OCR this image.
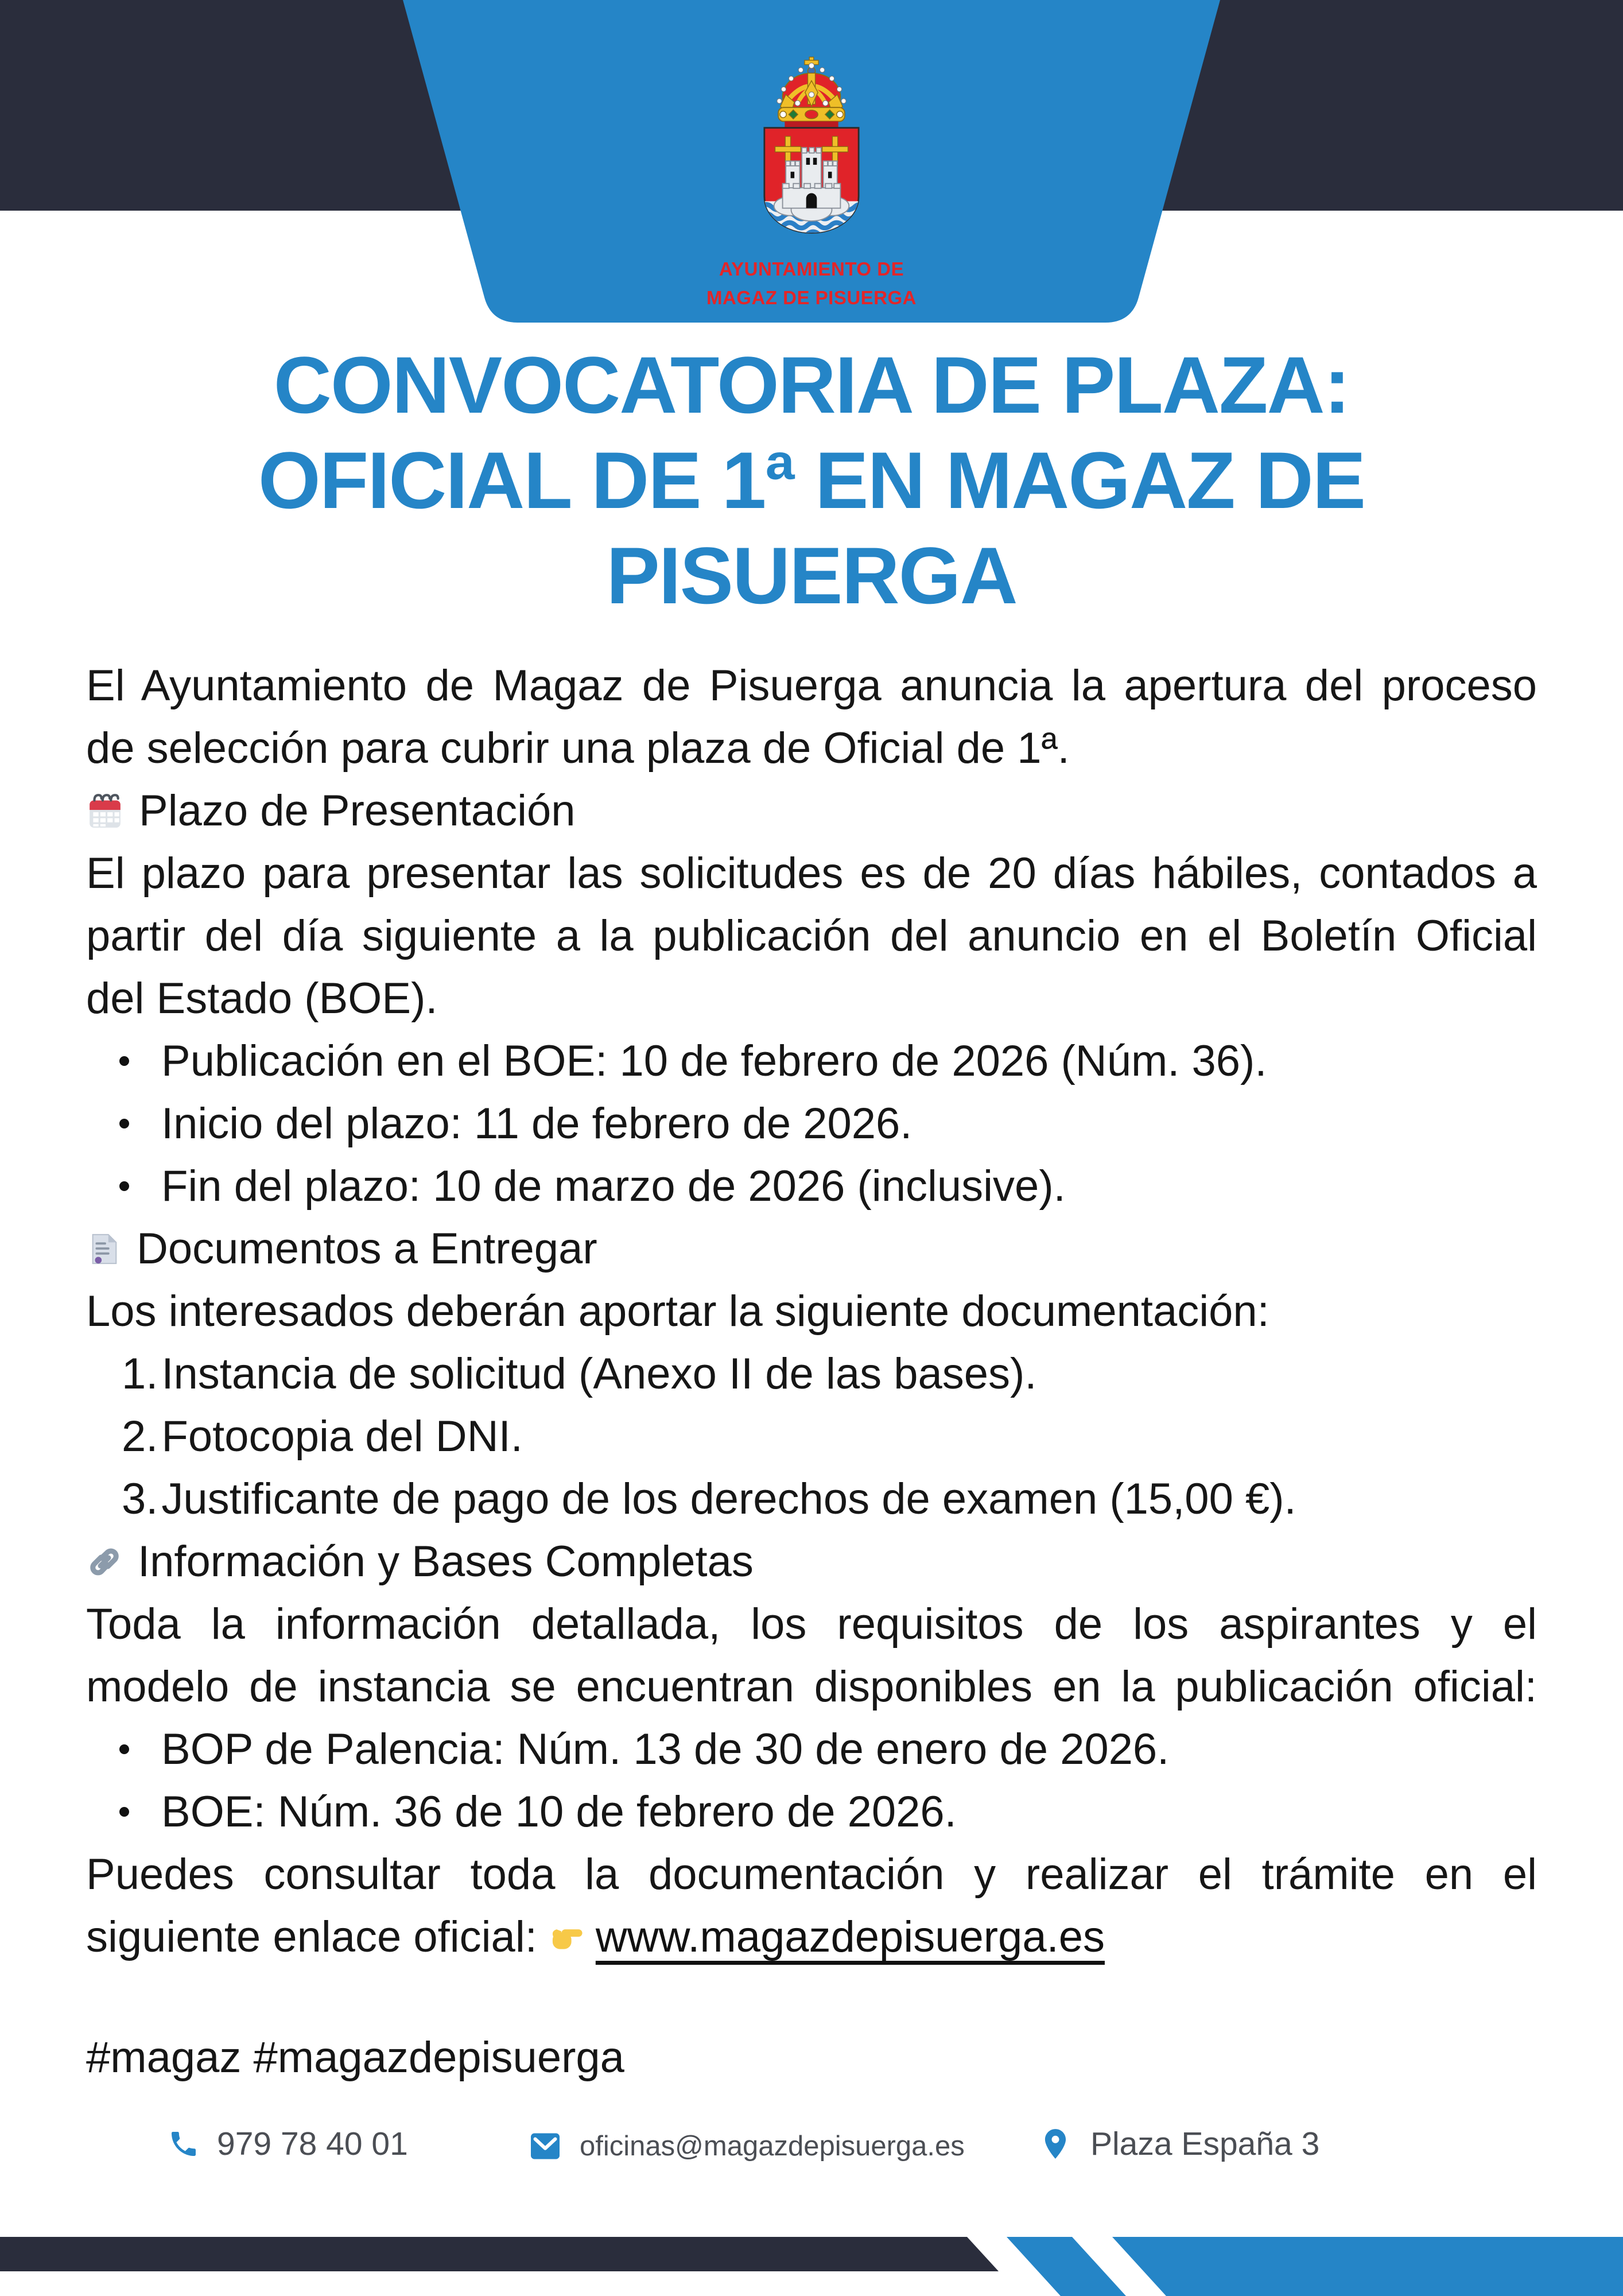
AYUNTAMIENTO DE
MAGAZ DE PISUERGA
CONVOCATORIA DE PLAZA:
OFICIAL DE 1ª EN MAGAZ DE
PISUERGA
El Ayuntamiento de Magaz de Pisuerga anuncia la apertura del proceso
de selección para cubrir una plaza de Oficial de 1ª.
Plazo de Presentación
El plazo para presentar las solicitudes es de 20 días hábiles, contados a
partir del día siguiente a la publicación del anuncio en el Boletín Oficial
del Estado (BOE).
Publicación en el BOE: 10 de febrero de 2026 (Núm. 36).
Inicio del plazo: 11 de febrero de 2026.
Fin del plazo: 10 de marzo de 2026 (inclusive).
Documentos a Entregar
Los interesados deberán aportar la siguiente documentación:
1. Instancia de solicitud (Anexo II de las bases).
2. Fotocopia del DNI.
3. Justificante de pago de los derechos de examen (15,00 €).
Información y Bases Completas
Toda la información detallada, los requisitos de los aspirantes y el
modelo de instancia se encuentran disponibles en la publicación oficial:
BOP de Palencia: Núm. 13 de 30 de enero de 2026.
BOE: Núm. 36 de 10 de febrero de 2026.
Puedes consultar toda la documentación y realizar el trámite en el
siguiente enlace oficial: www.magazdepisuerga.es
#magaz #magazdepisuerga
979 78 40 01	oficinas@magazdepisuerga.es	Plaza España 3
